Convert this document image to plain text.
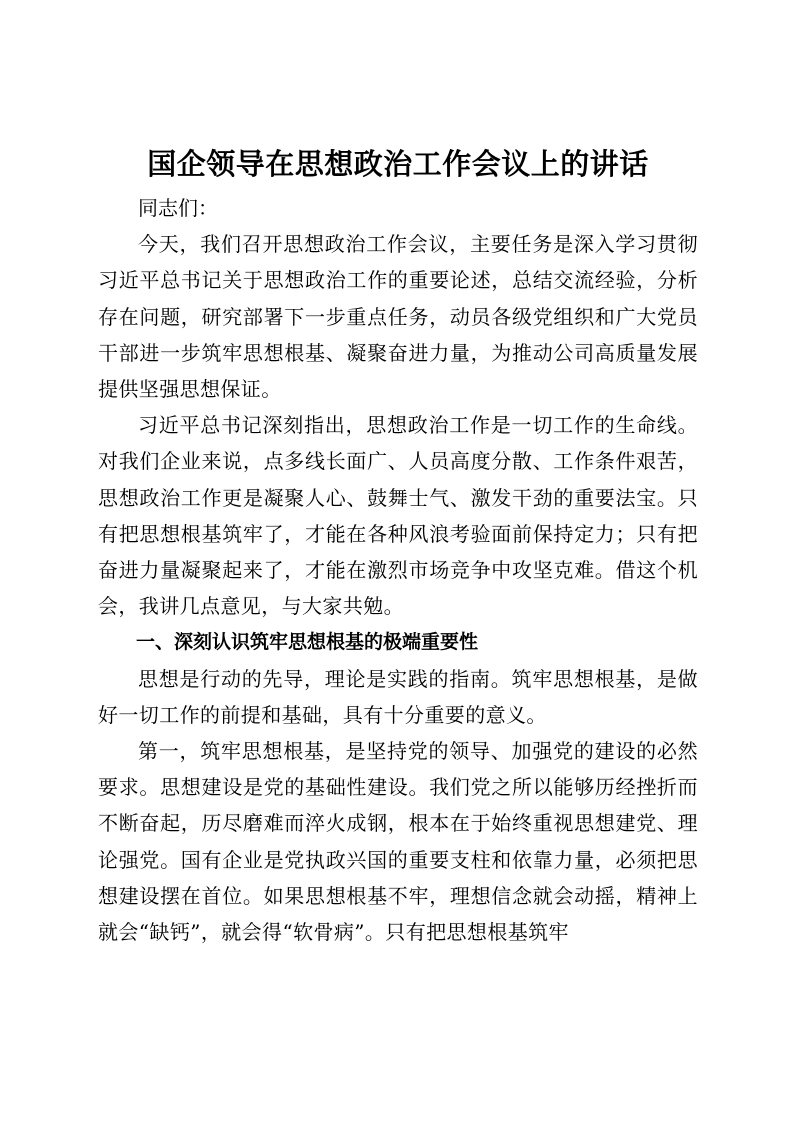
国企领导在思想政治工作会议上的讲话

同志们：

今天，我们召开思想政治工作会议，主要任务是深入学习贯彻习近平总书记关于思想政治工作的重要论述，总结交流经验，分析存在问题，研究部署下一步重点任务，动员各级党组织和广大党员干部进一步筑牢思想根基、凝聚奋进力量，为推动公司高质量发展提供坚强思想保证。

习近平总书记深刻指出，思想政治工作是一切工作的生命线。对我们企业来说，点多线长面广、人员高度分散、工作条件艰苦，思想政治工作更是凝聚人心、鼓舞士气、激发干劲的重要法宝。只有把思想根基筑牢了，才能在各种风浪考验面前保持定力；只有把奋进力量凝聚起来了，才能在激烈市场竞争中攻坚克难。借这个机会，我讲几点意见，与大家共勉。

一、深刻认识筑牢思想根基的极端重要性

思想是行动的先导，理论是实践的指南。筑牢思想根基，是做好一切工作的前提和基础，具有十分重要的意义。

第一，筑牢思想根基，是坚持党的领导、加强党的建设的必然要求。思想建设是党的基础性建设。我们党之所以能够历经挫折而不断奋起，历尽磨难而淬火成钢，根本在于始终重视思想建党、理论强党。国有企业是党执政兴国的重要支柱和依靠力量，必须把思想建设摆在首位。如果思想根基不牢，理想信念就会动摇，精神上就会“缺钙”，就会得“软骨病”。只有把思想根基筑牢
